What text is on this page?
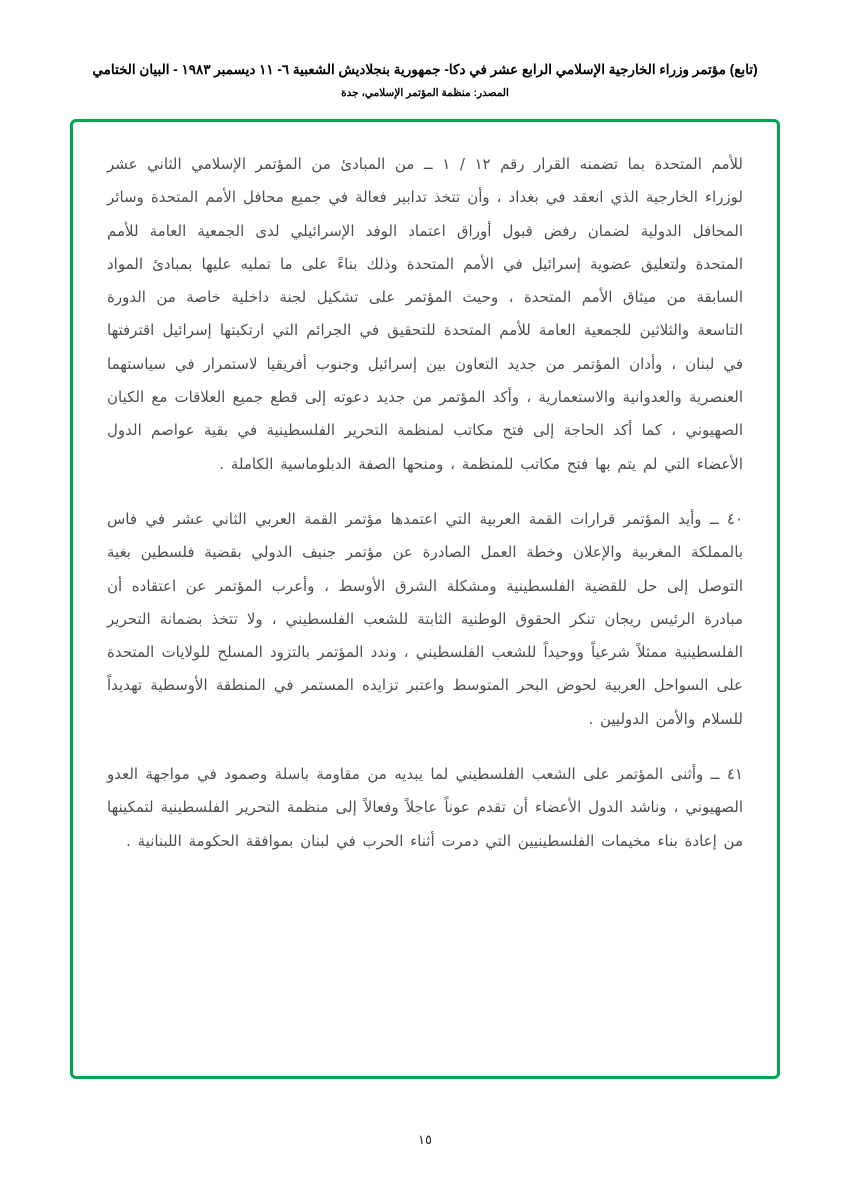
(تابع) مؤتمر وزراء الخارجية الإسلامي الرابع عشر في دكا- جمهورية بنجلاديش الشعبية ٦- ١١ ديسمبر ١٩٨٣ - البيان الختامي
المصدر: منظمة المؤتمر الإسلامي، جدة

للأمم المتحدة بما تضمنه القرار رقم ١٢ / ١ ــ من المبادئ من المؤتمر الإسلامي الثاني عشر لوزراء الخارجية الذي انعقد في بغداد ، وأن تتخذ تدابير فعالة في جميع محافل الأمم المتحدة وسائر المحافل الدولية لضمان رفض قبول أوراق اعتماد الوفد الإسرائيلي لدى الجمعية العامة للأمم المتحدة ولتعليق عضوية إسرائيل في الأمم المتحدة وذلك بناءً على ما تمليه عليها بمبادئ المواد السابقة من ميثاق الأمم المتحدة ، وحيث المؤتمر على تشكيل لجنة داخلية خاصة من الدورة التاسعة والثلاثين للجمعية العامة للأمم المتحدة للتحقيق في الجرائم التي ارتكبتها إسرائيل اقترفتها في لبنان ، وأدان المؤتمر من جديد التعاون بين إسرائيل وجنوب أفريقيا لاستمرار في سياستهما العنصرية والعدوانية والاستعمارية ، وأكد المؤتمر من جديد دعوته إلى قطع جميع العلاقات مع الكيان الصهيوني ، كما أكد الحاجة إلى فتح مكاتب لمنظمة التحرير الفلسطينية في بقية عواصم الدول الأعضاء التي لم يتم بها فتح مكاتب للمنظمة ، ومنحها الصفة الدبلوماسية الكاملة .

٤٠ ــ وأيد المؤتمر قرارات القمة العربية التي اعتمدها مؤتمر القمة العربي الثاني عشر في فاس بالمملكة المغربية والإعلان وخطة العمل الصادرة عن مؤتمر جنيف الدولي بقضية فلسطين بغية التوصل إلى حل للقضية الفلسطينية ومشكلة الشرق الأوسط ، وأعرب المؤتمر عن اعتقاده أن مبادرة الرئيس ريجان تنكر الحقوق الوطنية الثابتة للشعب الفلسطيني ، ولا تتخذ بضمانة التحرير الفلسطينية ممثلاً شرعياً ووحيداً للشعب الفلسطيني ، وندد المؤتمر بالتزود المسلح للولايات المتحدة على السواحل العربية لحوض البحر المتوسط واعتبر تزايده المستمر في المنطقة الأوسطية تهديداً للسلام والأمن الدوليين .

٤١ ــ وأثنى المؤتمر على الشعب الفلسطيني لما يبديه من مقاومة باسلة وصمود في مواجهة العدو الصهيوني ، وناشد الدول الأعضاء أن تقدم عوناً عاجلاً وفعالاً إلى منظمة التحرير الفلسطينية لتمكينها من إعادة بناء مخيمات الفلسطينيين التي دمرت أثناء الحرب في لبنان بموافقة الحكومة اللبنانية .

١٥
